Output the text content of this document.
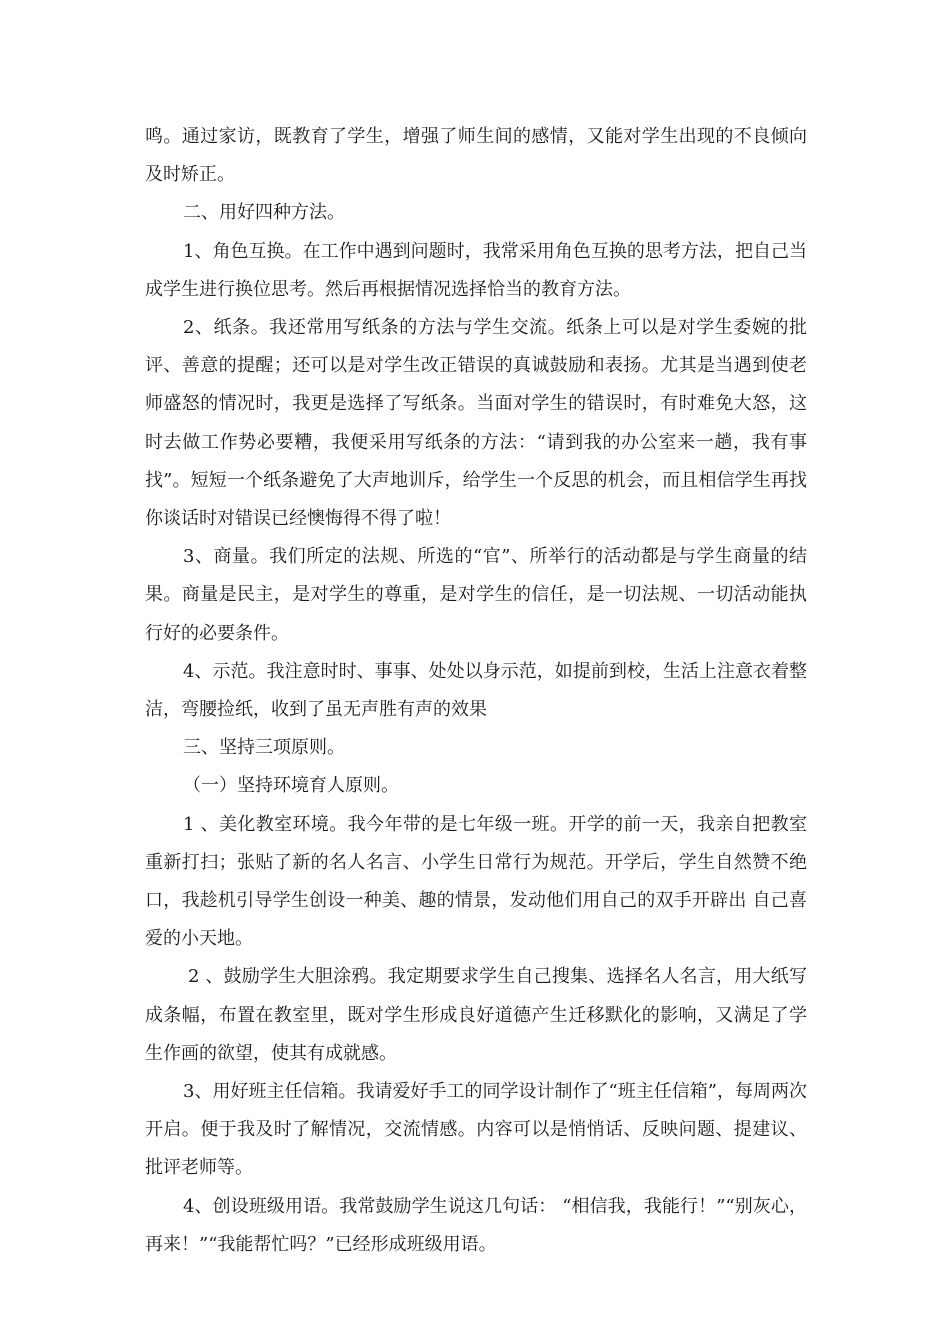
鸣。通过家访，既教育了学生，增强了师生间的感情，又能对学生出现的不良倾向及时矫正。

二、用好四种方法。

1、角色互换。在工作中遇到问题时，我常采用角色互换的思考方法，把自己当成学生进行换位思考。然后再根据情况选择恰当的教育方法。

2、纸条。我还常用写纸条的方法与学生交流。纸条上可以是对学生委婉的批评、善意的提醒；还可以是对学生改正错误的真诚鼓励和表扬。尤其是当遇到使老师盛怒的情况时，我更是选择了写纸条。当面对学生的错误时，有时难免大怒，这时去做工作势必要糟，我便采用写纸条的方法：“请到我的办公室来一趟，我有事找”。短短一个纸条避免了大声地训斥，给学生一个反思的机会，而且相信学生再找你谈话时对错误已经懊悔得不得了啦！

3、商量。我们所定的法规、所选的“官”、所举行的活动都是与学生商量的结果。商量是民主，是对学生的尊重，是对学生的信任，是一切法规、一切活动能执行好的必要条件。

4、示范。我注意时时、事事、处处以身示范，如提前到校，生活上注意衣着整洁，弯腰捡纸，收到了虽无声胜有声的效果

三、坚持三项原则。

（一）坚持环境育人原则。

1 、美化教室环境。我今年带的是七年级一班。开学的前一天，我亲自把教室重新打扫；张贴了新的名人名言、小学生日常行为规范。开学后，学生自然赞不绝口，我趁机引导学生创设一种美、趣的情景，发动他们用自己的双手开辟出 自己喜爱的小天地。

2 、鼓励学生大胆涂鸦。我定期要求学生自己搜集、选择名人名言，用大纸写成条幅，布置在教室里，既对学生形成良好道德产生迁移默化的影响，又满足了学生作画的欲望，使其有成就感。

3、用好班主任信箱。我请爱好手工的同学设计制作了“班主任信箱”，每周两次开启。便于我及时了解情况，交流情感。内容可以是悄悄话、反映问题、提建议、批评老师等。

4、创设班级用语。我常鼓励学生说这几句话： “相信我，我能行！”“别灰心，再来！”“我能帮忙吗？”已经形成班级用语。
